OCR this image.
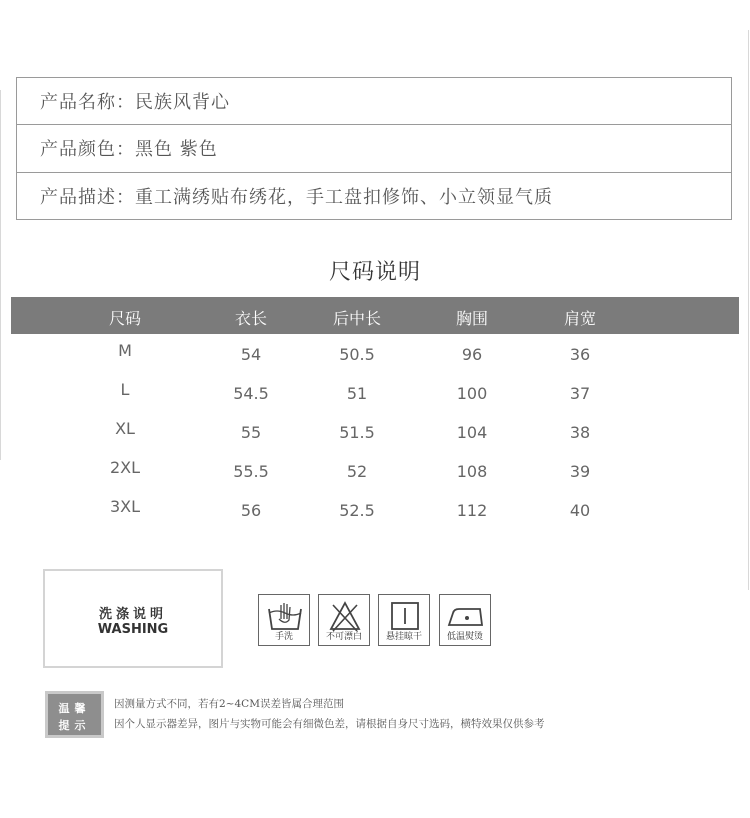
产品名称：民族风背心
产品颜色：黑色 紫色
产品描述：重工满绣贴布绣花，手工盘扣修饰、小立领显气质
尺码说明
尺码	衣长	后中长	胸围	肩宽
M	54	50.5	96	36
L	54.5	51	100	37
XL	55	51.5	104	38
2XL	55.5	52	108	39
3XL	56	52.5	112	40
洗涤说明
WASHING	手洗	不可漂白	悬挂晾干	低温熨烫
温馨
提示
因测量方式不同，若有2~4CM误差皆属合理范围
因个人显示器差异，图片与实物可能会有细微色差，请根据自身尺寸选码，横特效果仅供参考
